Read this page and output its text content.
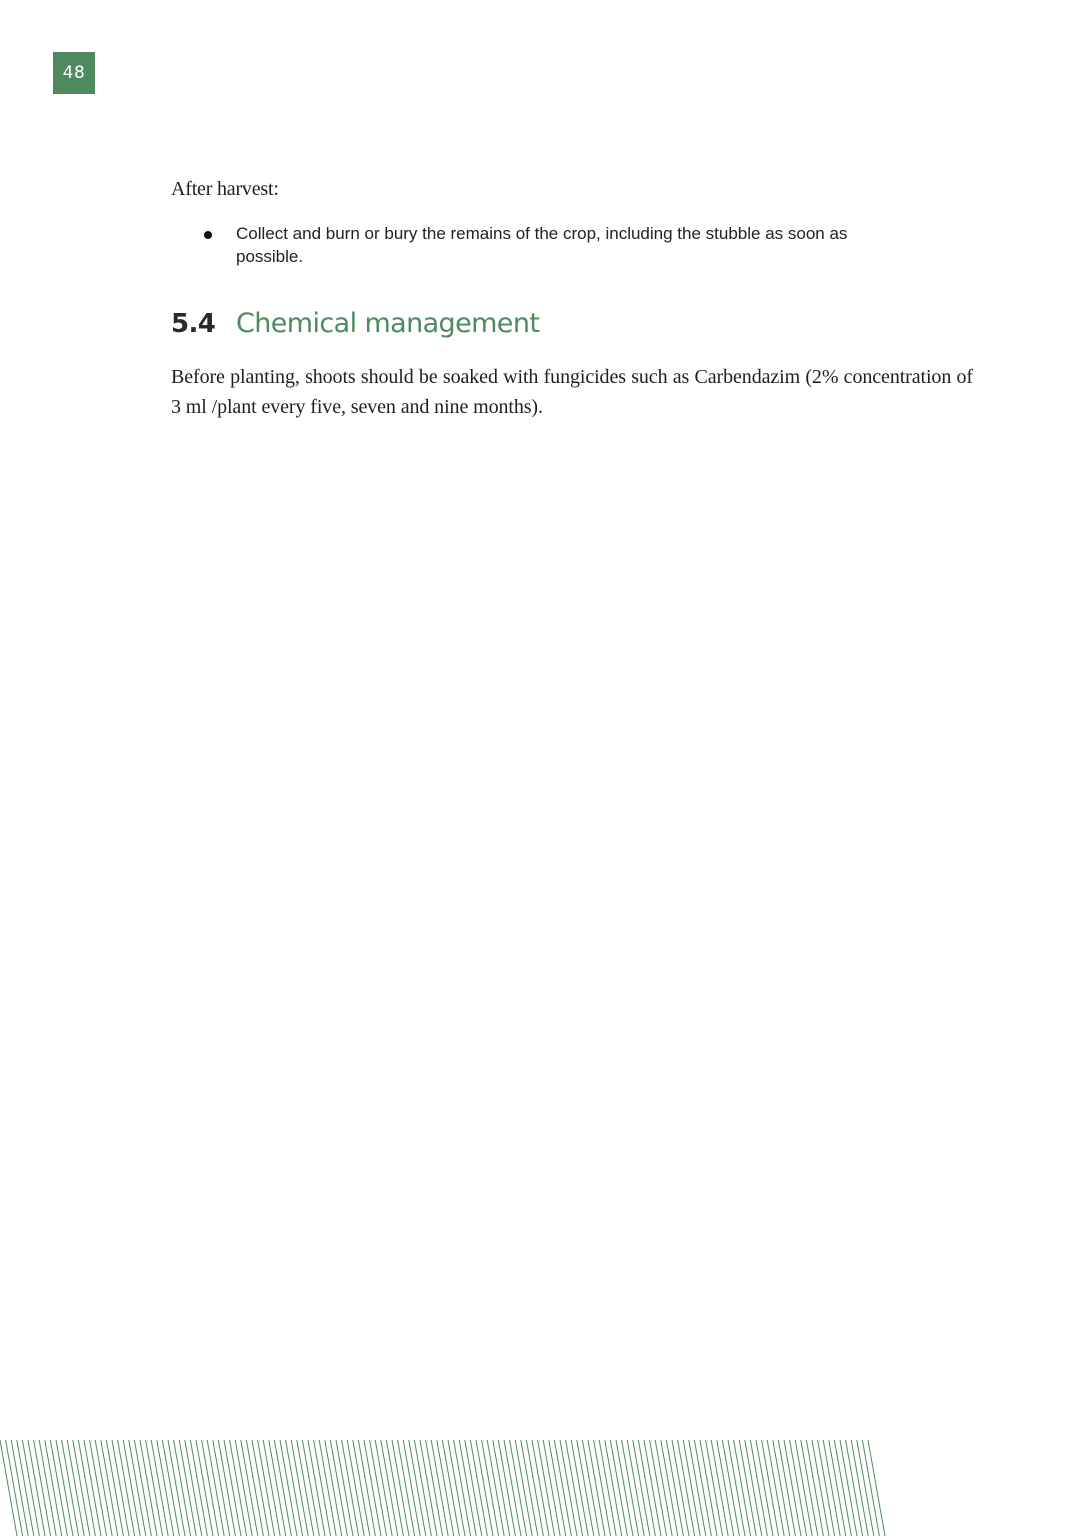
48

After harvest:

Collect and burn or bury the remains of the crop, including the stubble as soon as possible.
5.4 Chemical management

Before planting, shoots should be soaked with fungicides such as Carbendazim (2% concentration of 3 ml /plant every five, seven and nine months).
